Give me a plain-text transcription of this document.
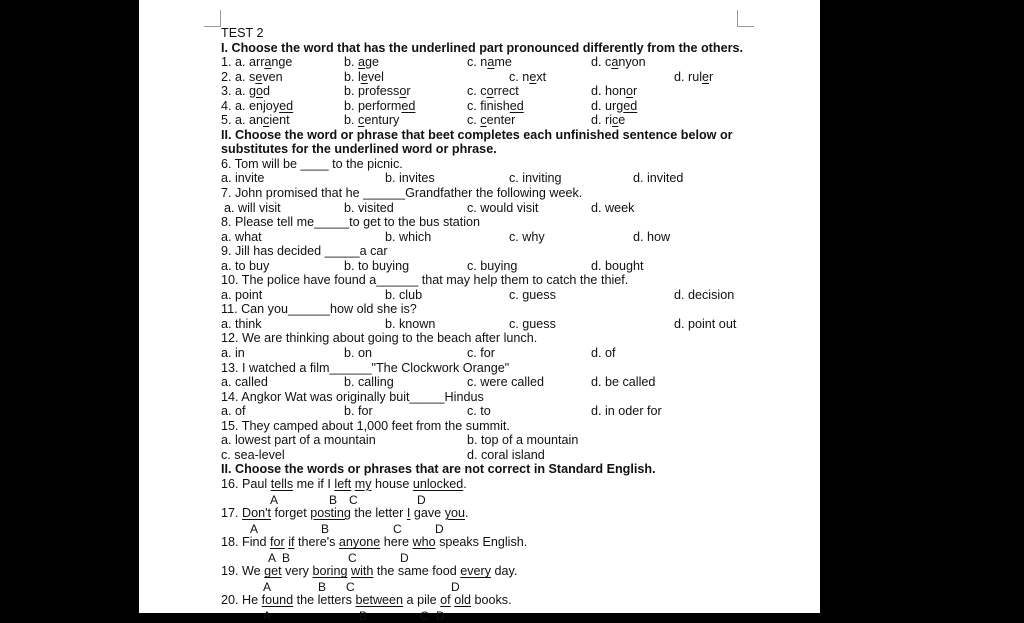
TEST 2
I. Choose the word that has the underlined part pronounced differently from the others.
1. a. arrange	b. age	c. name	d. canyon
2. a. seven	b. level	c. next	d. ruler
3. a. god	b. professor	c. correct	d. honor
4. a. enjoyed	b. performed	c. finished	d. urged
5. a. ancient	b. century	c. center	d. rice
II. Choose the word or phrase that beet completes each unfinished sentence below or
substitutes for the underlined word or phrase.
6. Tom will be ____ to the picnic.
a. invite	b. invites	c. inviting	d. invited
7. John promised that he ______Grandfather the following week.
a. will visit	b. visited	c. would visit	d. week
8. Please tell me_____to get to the bus station
a. what	b. which	c. why	d. how
9. Jill has decided _____a car
a. to buy	b. to buying	c. buying	d. bought
10. The police have found a______ that may help them to catch the thief.
a. point	b. club	c. guess	d. decision
11. Can you______how old she is?
a. think	b. known	c. guess	d. point out
12. We are thinking about going to the beach after lunch.
a. in	b. on	c. for	d. of
13. I watched a film______"The Clockwork Orange"
a. called	b. calling	c. were called	d. be called
14. Angkor Wat was originally buit_____Hindus
a. of	b. for	c. to	d. in oder for
15. They camped about 1,000 feet from the summit.
a. lowest part of a mountain	b. top of a mountain
c. sea-level	d. coral island
II. Choose the words or phrases that are not correct in Standard English.
16. Paul tells me if I left my house unlocked.
A	B C	D
17. Don't forget posting the letter I gave you.
A	B	C	D
18. Find for if there's anyone here who speaks English.
A B	C	D
19. We get very boring with the same food every day.
A	B C	D
20. He found the letters between a pile of old books.
A	B	C D
